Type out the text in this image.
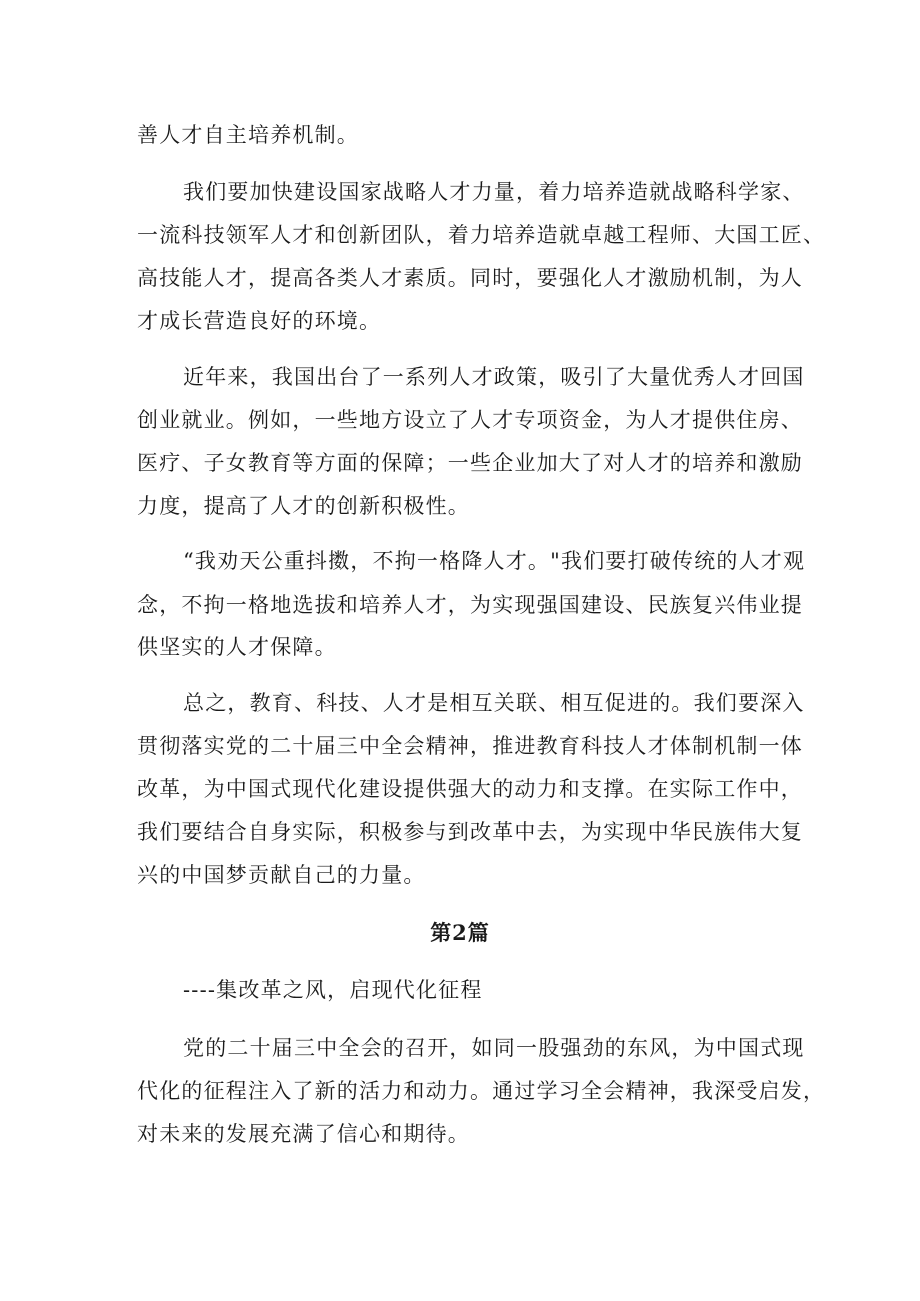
善人才自主培养机制。
我们要加快建设国家战略人才力量，着力培养造就战略科学家、
一流科技领军人才和创新团队，着力培养造就卓越工程师、大国工匠、
高技能人才，提高各类人才素质。同时，要强化人才激励机制，为人
才成长营造良好的环境。
近年来，我国出台了一系列人才政策，吸引了大量优秀人才回国
创业就业。例如，一些地方设立了人才专项资金，为人才提供住房、
医疗、子女教育等方面的保障；一些企业加大了对人才的培养和激励
力度，提高了人才的创新积极性。
“我劝天公重抖擞，不拘一格降人才。"我们要打破传统的人才观
念，不拘一格地选拔和培养人才，为实现强国建设、民族复兴伟业提
供坚实的人才保障。
总之，教育、科技、人才是相互关联、相互促进的。我们要深入
贯彻落实党的二十届三中全会精神，推进教育科技人才体制机制一体
改革，为中国式现代化建设提供强大的动力和支撑。在实际工作中，
我们要结合自身实际，积极参与到改革中去，为实现中华民族伟大复
兴的中国梦贡献自己的力量。
第2篇
----集改革之风，启现代化征程
党的二十届三中全会的召开，如同一股强劲的东风，为中国式现
代化的征程注入了新的活力和动力。通过学习全会精神，我深受启发，
对未来的发展充满了信心和期待。
